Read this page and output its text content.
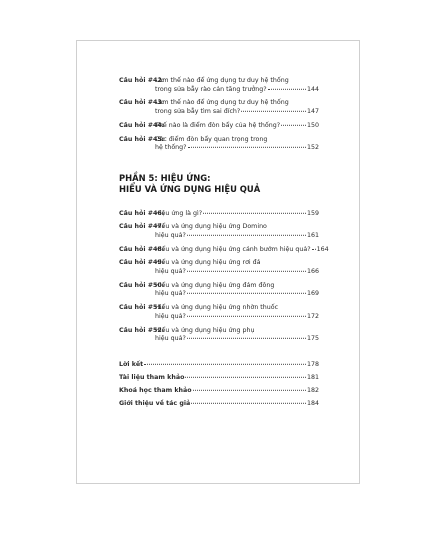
Câu hỏi #42:
Làm thế nào để ứng dụng tư duy hệ thống
trong sửa bẫy rào cản tăng trưởng?	144
Câu hỏi #43:
Làm thế nào để ứng dụng tư duy hệ thống
trong sửa bẫy tìm sai đích?	147
Câu hỏi #44:
Thế nào là điểm đòn bẩy của hệ thống?	150
Câu hỏi #45:
Các điểm đòn bẩy quan trọng trong
hệ thống?	152
PHẦN 5: HIỆU ỨNG:
HIỂU VÀ ỨNG DỤNG HIỆU QUẢ
Câu hỏi #46:
Hiệu ứng là gì?	159
Câu hỏi #47:
Hiểu và ứng dụng hiệu ứng Domino
hiệu quả?	161
Câu hỏi #48:
Hiểu và ứng dụng hiệu ứng cánh bướm hiệu quả? 164
Câu hỏi #49:
Hiểu và ứng dụng hiệu ứng rơi đá
hiệu quả?	166
Câu hỏi #50:
Hiểu và ứng dụng hiệu ứng đám đông
hiệu quả?	169
Câu hỏi #51:
Hiểu và ứng dụng hiệu ứng nhờn thuốc
hiệu quả?	172
Câu hỏi #52:
Hiểu và ứng dụng hiệu ứng phụ
hiệu quả?	175
Lời kết	178
Tài liệu tham khảo	181
Khoá học tham khảo	182
Giới thiệu về tác giả	184
